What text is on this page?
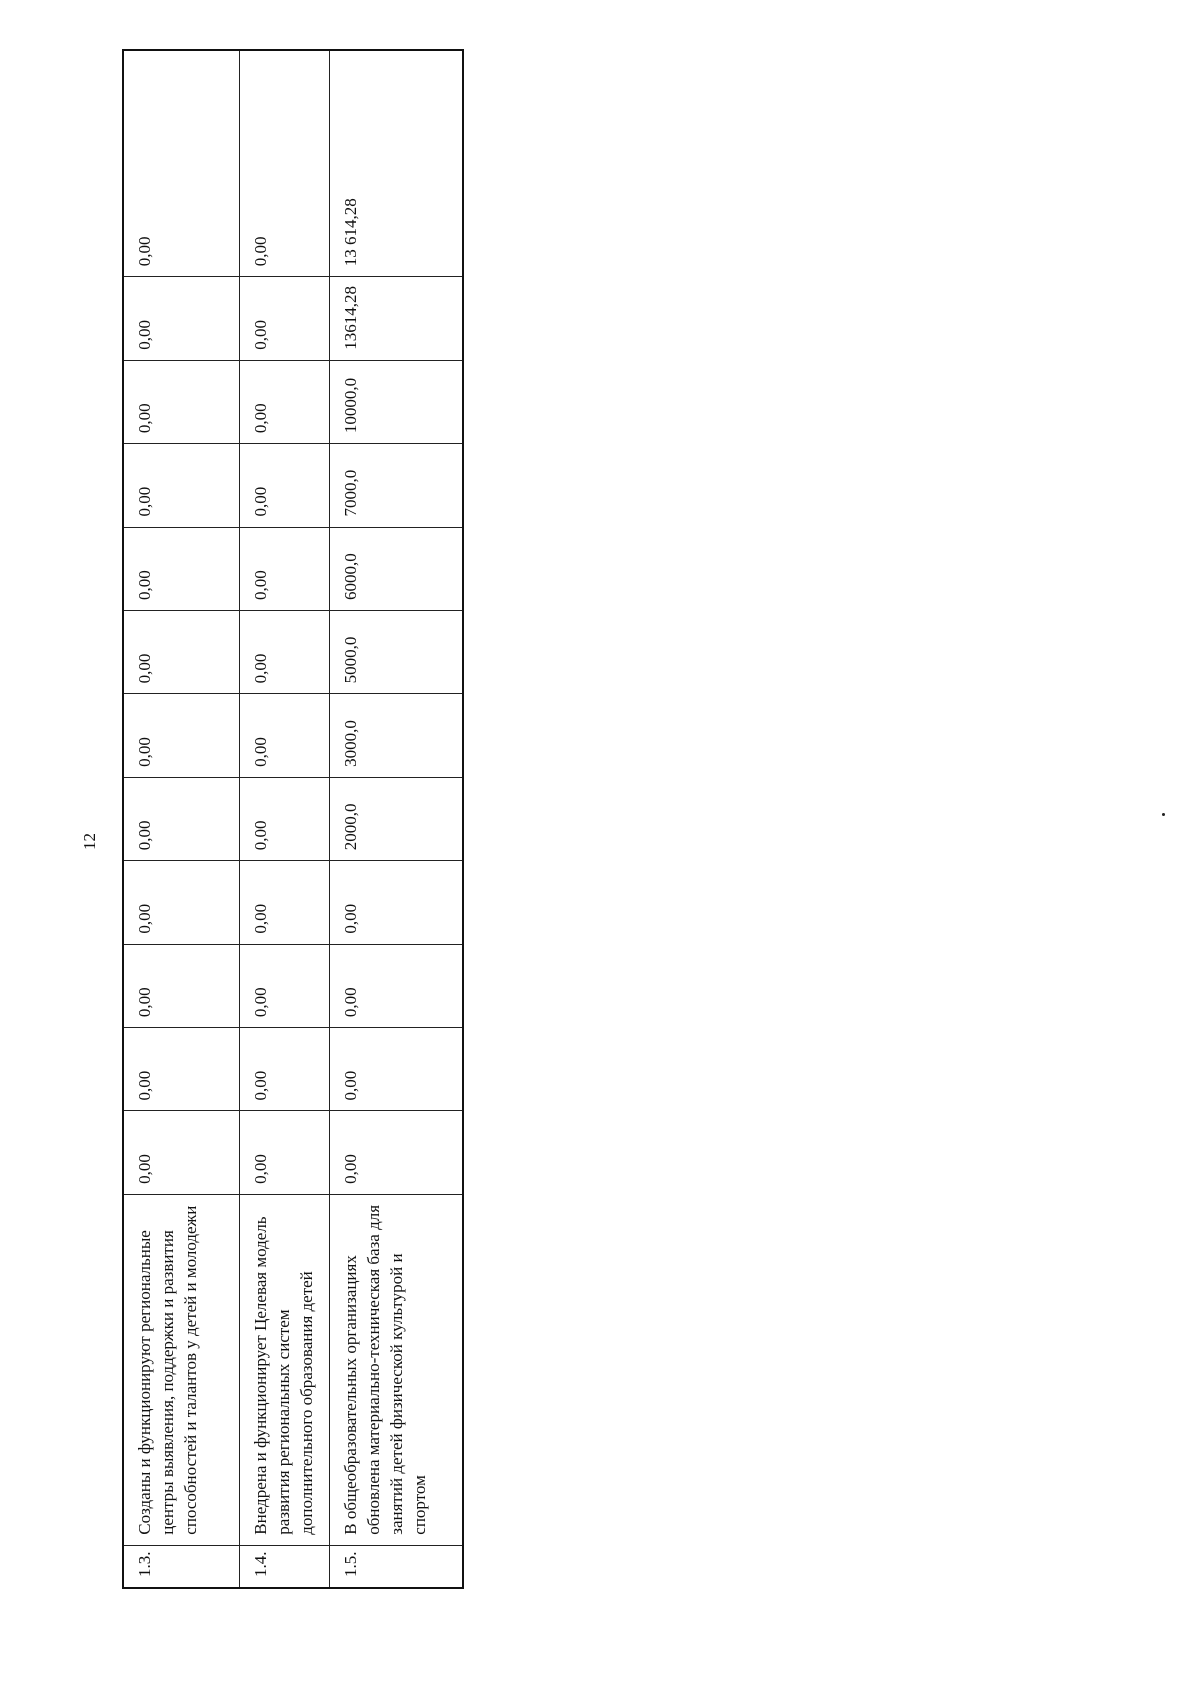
12
1.3.	Созданы и функционируют региональные центры выявления, поддержки и развития способностей и талантов у детей и молодежи	0,00	0,00	0,00	0,00	0,00	0,00	0,00	0,00	0,00	0,00	0,00	0,00
1.4.	Внедрена и функционирует Целевая модель развития региональных систем дополнительного образования детей	0,00	0,00	0,00	0,00	0,00	0,00	0,00	0,00	0,00	0,00	0,00	0,00
1.5.	В общеобразовательных организациях обновлена материально-техническая база для занятий детей физической культурой и спортом	0,00	0,00	0,00	0,00	2000,0	3000,0	5000,0	6000,0	7000,0	10000,0	13614,28	13 614,28
